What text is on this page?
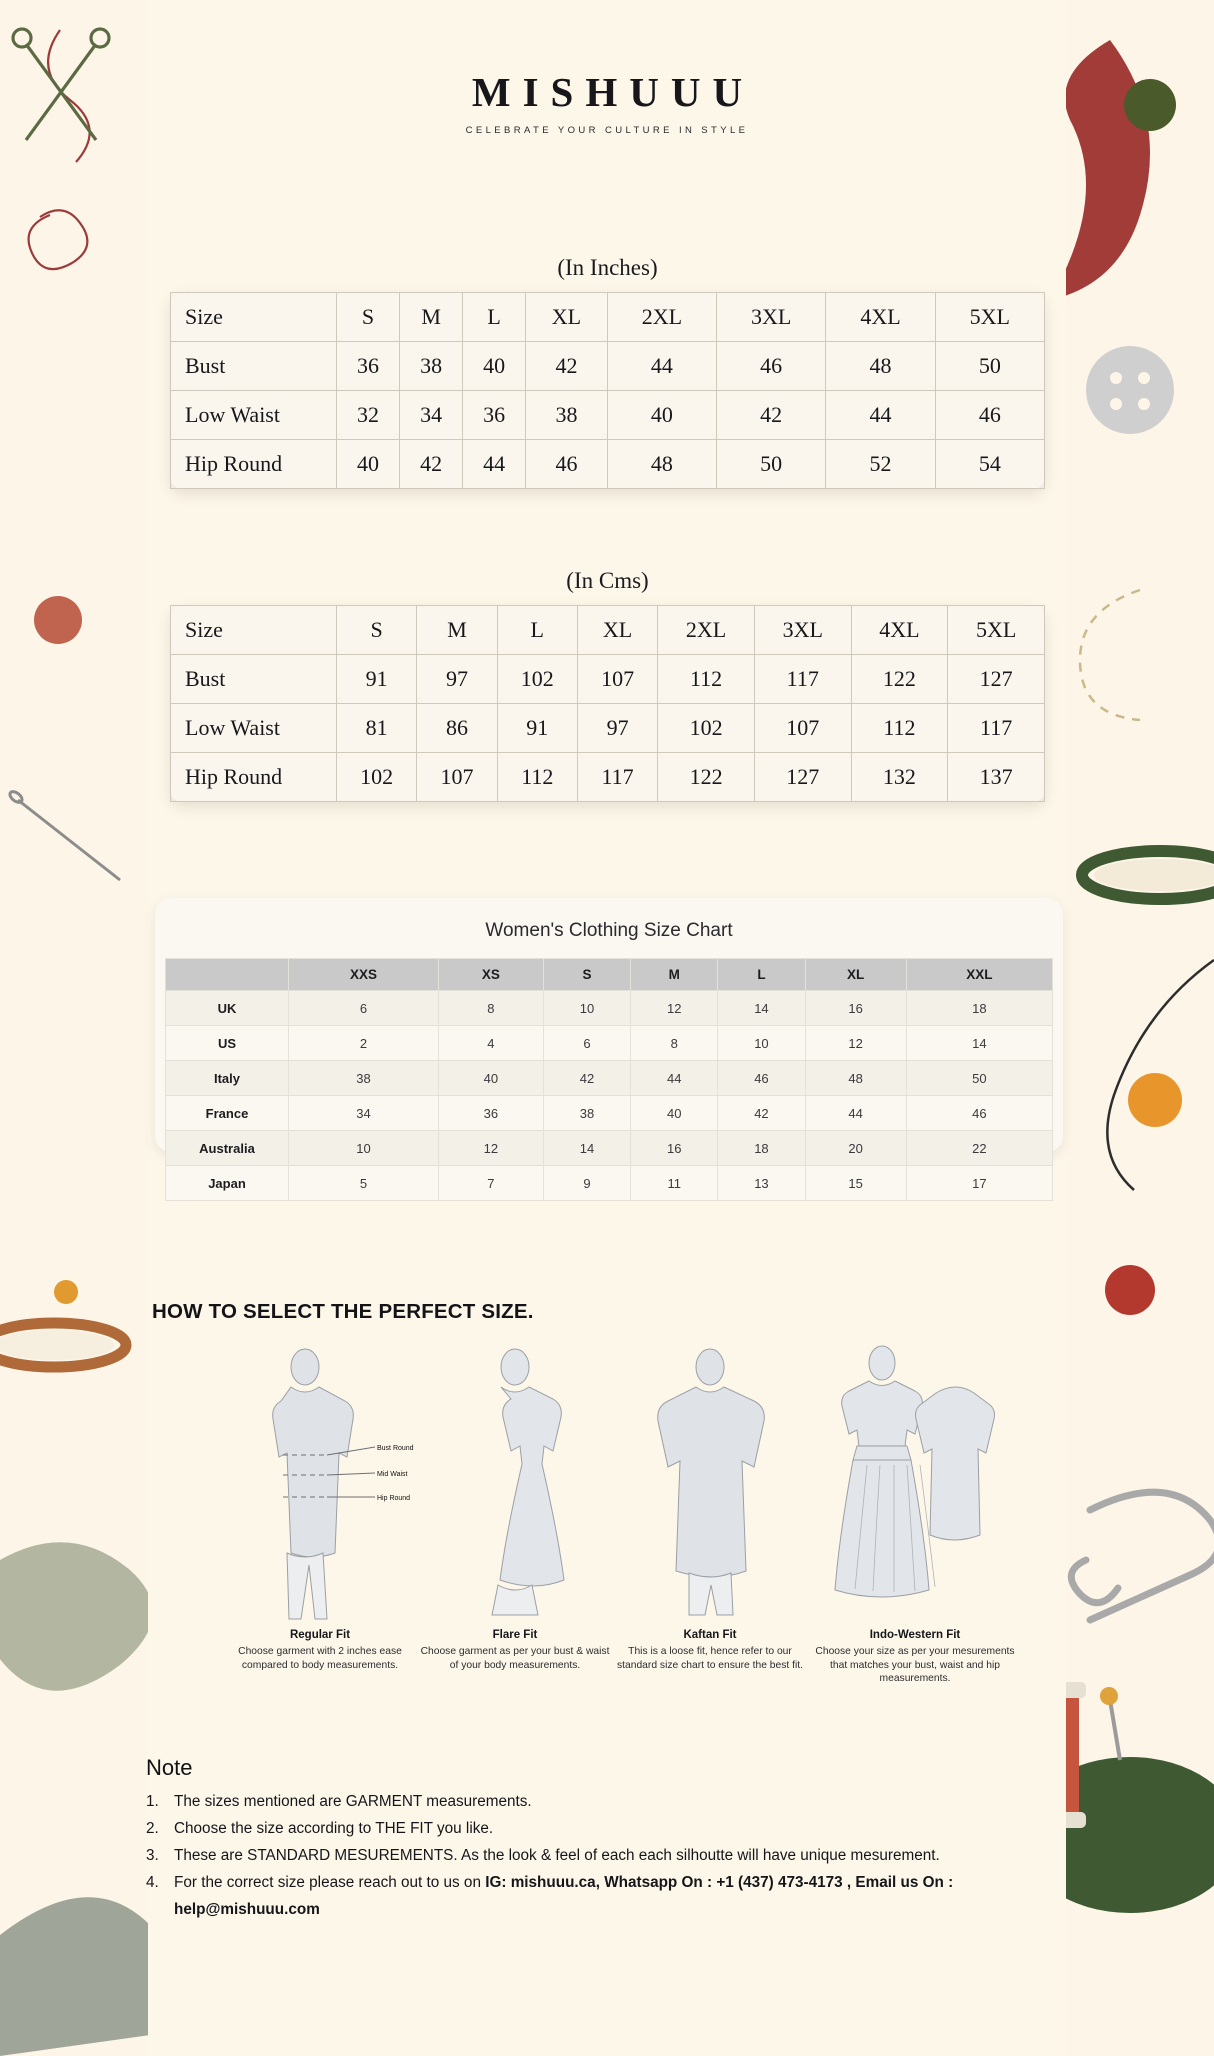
MISHUUU
CELEBRATE YOUR CULTURE IN STYLE
(In Inches)
Size	S	M	L	XL	2XL	3XL	4XL	5XL
Bust	36	38	40	42	44	46	48	50
Low Waist	32	34	36	38	40	42	44	46
Hip Round	40	42	44	46	48	50	52	54
(In Cms)
Size	S	M	L	XL	2XL	3XL	4XL	5XL
Bust	91	97	102	107	112	117	122	127
Low Waist	81	86	91	97	102	107	112	117
Hip Round	102	107	112	117	122	127	132	137
Women's Clothing Size Chart
	XXS	XS	S	M	L	XL	XXL
UK	6	8	10	12	14	16	18
US	2	4	6	8	10	12	14
Italy	38	40	42	44	46	48	50
France	34	36	38	40	42	44	46
Australia	10	12	14	16	18	20	22
Japan	5	7	9	11	13	15	17
HOW TO SELECT THE PERFECT SIZE.
Bust Round
Mid Waist
Hip Round
Regular Fit
Choose garment with 2 inches ease compared to body measurements.
Flare Fit
Choose garment as per your bust & waist of your body measurements.
Kaftan Fit
This is a loose fit, hence refer to our standard size chart to ensure the best fit.
Indo-Western Fit
Choose your size as per your mesurements that matches your bust, waist and hip measurements.
Note
1. The sizes mentioned are GARMENT measurements.
2. Choose the size according to THE FIT you like.
3. These are STANDARD MESUREMENTS. As the look & feel of each each silhoutte will have unique mesurement.
4. For the correct size please reach out to us on IG: mishuuu.ca, Whatsapp On : +1 (437) 473-4173 , Email us On : help@mishuuu.com
